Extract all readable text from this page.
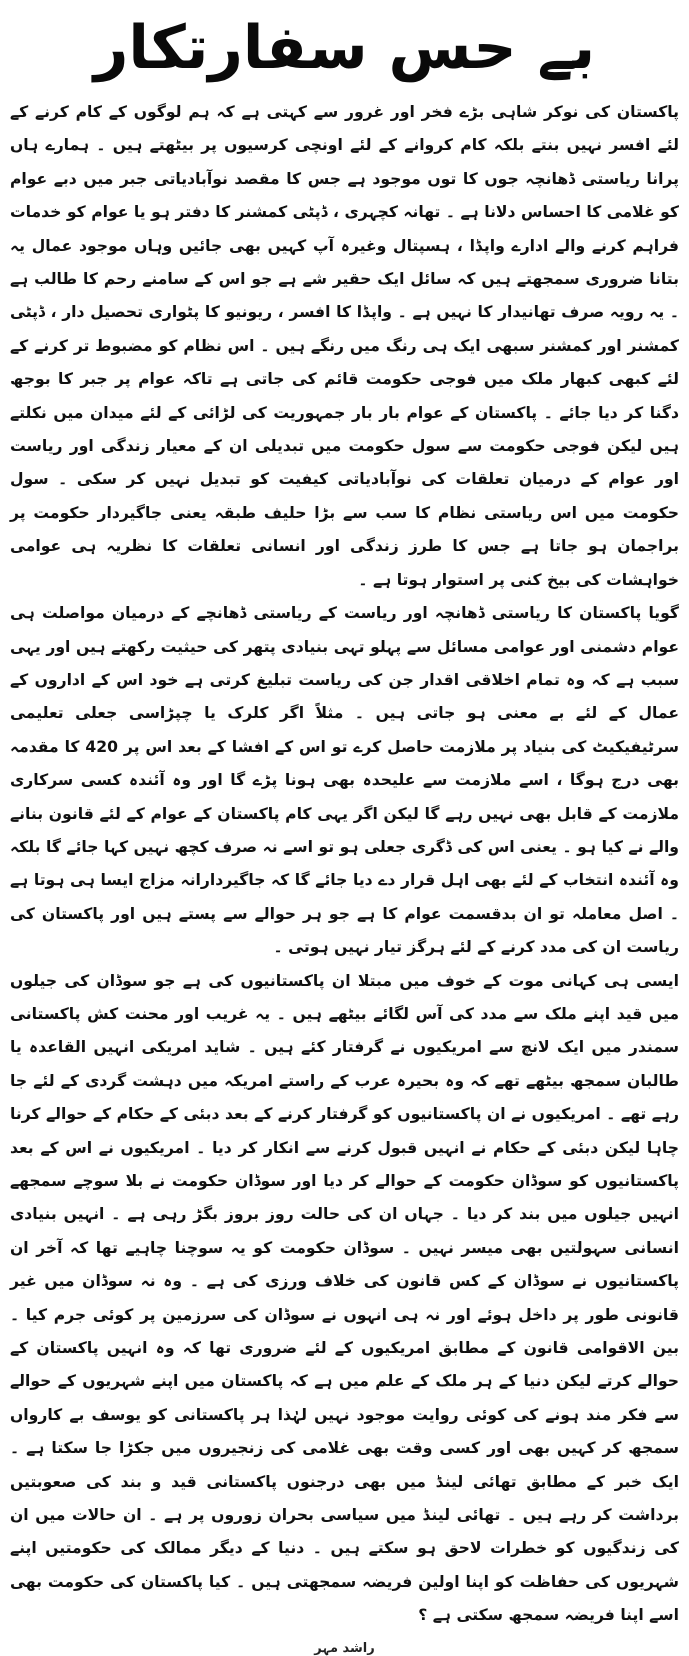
بے حس سفارتکار

پاکستان کی نوکر شاہی بڑے فخر اور غرور سے کہتی ہے کہ ہم لوگوں کے کام کرنے کے لئے افسر نہیں بنتے بلکہ کام کروانے کے لئے اونچی کرسیوں پر بیٹھتے ہیں ۔ ہمارے ہاں پرانا ریاستی ڈھانچہ جوں کا توں موجود ہے جس کا مقصد نوآبادیاتی جبر میں دبے عوام کو غلامی کا احساس دلانا ہے ۔ تھانہ کچہری ، ڈپٹی کمشنر کا دفتر ہو یا عوام کو خدمات فراہم کرنے والے ادارے واپڈا ، ہسپتال وغیرہ آپ کہیں بھی جائیں وہاں موجود عمال یہ بتانا ضروری سمجھتے ہیں کہ سائل ایک حقیر شے ہے جو اس کے سامنے رحم کا طالب ہے ۔ یہ رویہ صرف تھانیدار کا نہیں ہے ۔ واپڈا کا افسر ، ریونیو کا پٹواری تحصیل دار ، ڈپٹی کمشنر اور کمشنر سبھی ایک ہی رنگ میں رنگے ہیں ۔ اس نظام کو مضبوط تر کرنے کے لئے کبھی کبھار ملک میں فوجی حکومت قائم کی جاتی ہے تاکہ عوام پر جبر کا بوجھ دگنا کر دیا جائے ۔ پاکستان کے عوام بار بار جمہوریت کی لڑائی کے لئے میدان میں نکلتے ہیں لیکن فوجی حکومت سے سول حکومت میں تبدیلی ان کے معیار زندگی اور ریاست اور عوام کے درمیان تعلقات کی نوآبادیاتی کیفیت کو تبدیل نہیں کر سکی ۔ سول حکومت میں اس ریاستی نظام کا سب سے بڑا حلیف طبقہ یعنی جاگیردار حکومت پر براجمان ہو جاتا ہے جس کا طرز زندگی اور انسانی تعلقات کا نظریہ ہی عوامی خواہشات کی بیخ کنی پر استوار ہوتا ہے ۔

گویا پاکستان کا ریاستی ڈھانچہ اور ریاست کے ریاستی ڈھانچے کے درمیان مواصلت ہی عوام دشمنی اور عوامی مسائل سے پہلو تہی بنیادی پتھر کی حیثیت رکھتے ہیں اور یہی سبب ہے کہ وہ تمام اخلاقی اقدار جن کی ریاست تبلیغ کرتی ہے خود اس کے اداروں کے عمال کے لئے بے معنی ہو جاتی ہیں ۔ مثلاً اگر کلرک یا چپڑاسی جعلی تعلیمی سرٹیفیکیٹ کی بنیاد پر ملازمت حاصل کرے تو اس کے افشا کے بعد اس پر 420 کا مقدمہ بھی درج ہوگا ، اسے ملازمت سے علیحدہ بھی ہونا پڑے گا اور وہ آئندہ کسی سرکاری ملازمت کے قابل بھی نہیں رہے گا لیکن اگر یہی کام پاکستان کے عوام کے لئے قانون بنانے والے نے کیا ہو ۔ یعنی اس کی ڈگری جعلی ہو تو اسے نہ صرف کچھ نہیں کہا جائے گا بلکہ وہ آئندہ انتخاب کے لئے بھی اہل قرار دے دیا جائے گا کہ جاگیردارانہ مزاج ایسا ہی ہوتا ہے ۔ اصل معاملہ تو ان بدقسمت عوام کا ہے جو ہر حوالے سے پستے ہیں اور پاکستان کی ریاست ان کی مدد کرنے کے لئے ہرگز تیار نہیں ہوتی ۔

ایسی ہی کہانی موت کے خوف میں مبتلا ان پاکستانیوں کی ہے جو سوڈان کی جیلوں میں قید اپنے ملک سے مدد کی آس لگائے بیٹھے ہیں ۔ یہ غریب اور محنت کش پاکستانی سمندر میں ایک لانچ سے امریکیوں نے گرفتار کئے ہیں ۔ شاید امریکی انہیں القاعدہ یا طالبان سمجھ بیٹھے تھے کہ وہ بحیرہ عرب کے راستے امریکہ میں دہشت گردی کے لئے جا رہے تھے ۔ امریکیوں نے ان پاکستانیوں کو گرفتار کرنے کے بعد دبئی کے حکام کے حوالے کرنا چاہا لیکن دبئی کے حکام نے انہیں قبول کرنے سے انکار کر دیا ۔ امریکیوں نے اس کے بعد پاکستانیوں کو سوڈان حکومت کے حوالے کر دیا اور سوڈان حکومت نے بلا سوچے سمجھے انہیں جیلوں میں بند کر دیا ۔ جہاں ان کی حالت روز بروز بگڑ رہی ہے ۔ انہیں بنیادی انسانی سہولتیں بھی میسر نہیں ۔ سوڈان حکومت کو یہ سوچنا چاہیے تھا کہ آخر ان پاکستانیوں نے سوڈان کے کس قانون کی خلاف ورزی کی ہے ۔ وہ نہ سوڈان میں غیر قانونی طور پر داخل ہوئے اور نہ ہی انہوں نے سوڈان کی سرزمین پر کوئی جرم کیا ۔ بین الاقوامی قانون کے مطابق امریکیوں کے لئے ضروری تھا کہ وہ انہیں پاکستان کے حوالے کرتے لیکن دنیا کے ہر ملک کے علم میں ہے کہ پاکستان میں اپنے شہریوں کے حوالے سے فکر مند ہونے کی کوئی روایت موجود نہیں لہٰذا ہر پاکستانی کو یوسف بے کارواں سمجھ کر کہیں بھی اور کسی وقت بھی غلامی کی زنجیروں میں جکڑا جا سکتا ہے ۔ ایک خبر کے مطابق تھائی لینڈ میں بھی درجنوں پاکستانی قید و بند کی صعوبتیں برداشت کر رہے ہیں ۔ تھائی لینڈ میں سیاسی بحران زوروں پر ہے ۔ ان حالات میں ان کی زندگیوں کو خطرات لاحق ہو سکتے ہیں ۔ دنیا کے دیگر ممالک کی حکومتیں اپنے شہریوں کی حفاظت کو اپنا اولین فریضہ سمجھتی ہیں ۔ کیا پاکستان کی حکومت بھی اسے اپنا فریضہ سمجھ سکتی ہے ؟

راشد مہر
